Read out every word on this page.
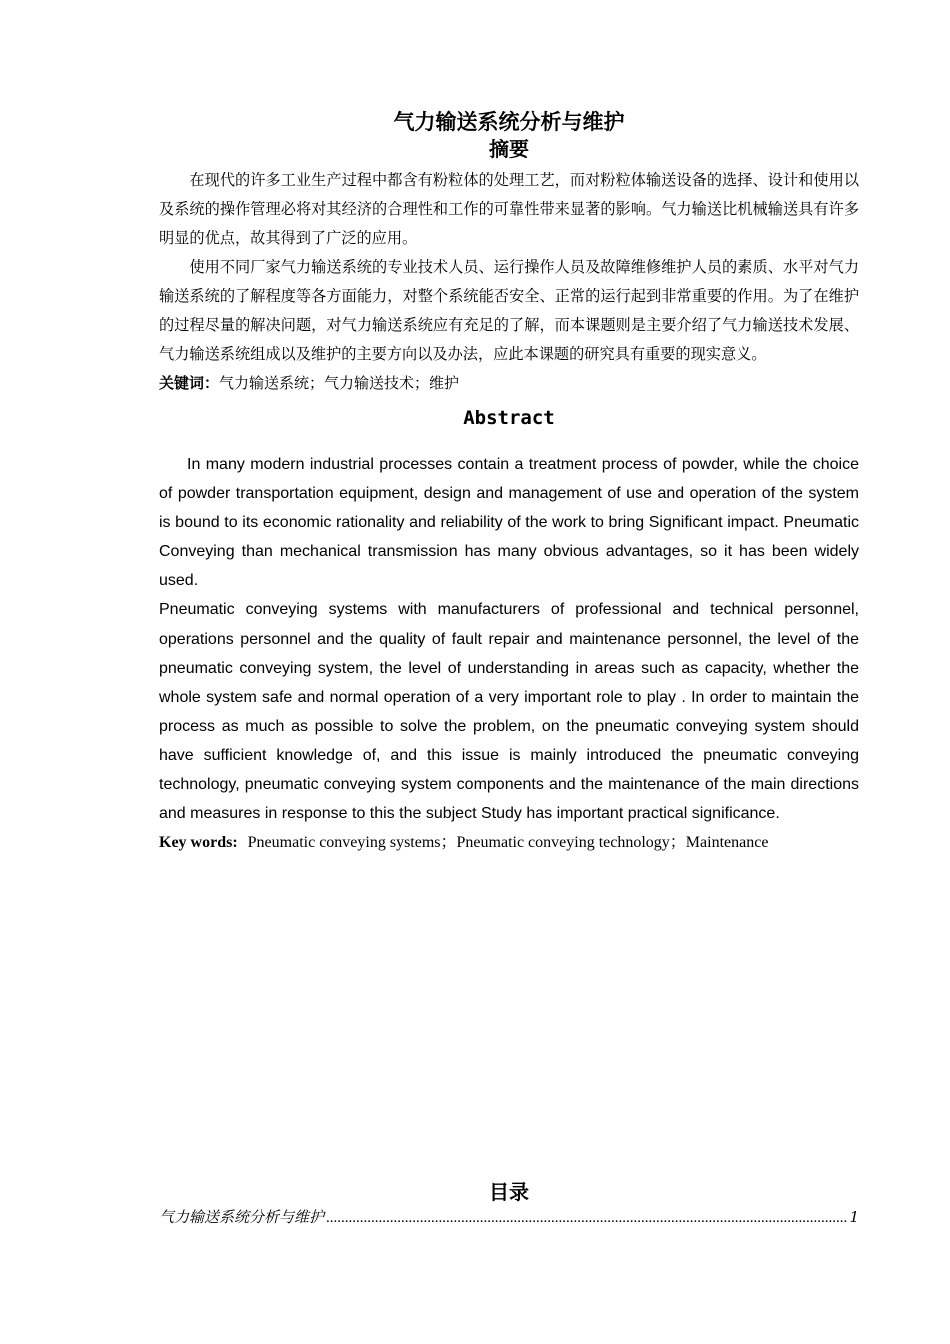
气力输送系统分析与维护
摘要

在现代的许多工业生产过程中都含有粉粒体的处理工艺，而对粉粒体输送设备的选择、设计和使用以及系统的操作管理必将对其经济的合理性和工作的可靠性带来显著的影响。气力输送比机械输送具有许多明显的优点，故其得到了广泛的应用。

使用不同厂家气力输送系统的专业技术人员、运行操作人员及故障维修维护人员的素质、水平对气力输送系统的了解程度等各方面能力，对整个系统能否安全、正常的运行起到非常重要的作用。为了在维护的过程尽量的解决问题，对气力输送系统应有充足的了解，而本课题则是主要介绍了气力输送技术发展、气力输送系统组成以及维护的主要方向以及办法，应此本课题的研究具有重要的现实意义。

关键词：气力输送系统；气力输送技术；维护

Abstract

In many modern industrial processes contain a treatment process of powder, while the choice of powder transportation equipment, design and management of use and operation of the system is bound to its economic rationality and reliability of the work to bring Significant impact. Pneumatic Conveying than mechanical transmission has many obvious advantages, so it has been widely used.

Pneumatic conveying systems with manufacturers of professional and technical personnel, operations personnel and the quality of fault repair and maintenance personnel, the level of the pneumatic conveying system, the level of understanding in areas such as capacity, whether the whole system safe and normal operation of a very important role to play . In order to maintain the process as much as possible to solve the problem, on the pneumatic conveying system should have sufficient knowledge of, and this issue is mainly introduced the pneumatic conveying technology, pneumatic conveying system components and the maintenance of the main directions and measures in response to this the subject Study has important practical significance.

Key words: Pneumatic conveying systems；Pneumatic conveying technology；Maintenance

目录
气力输送系统分析与维护
.....	1
